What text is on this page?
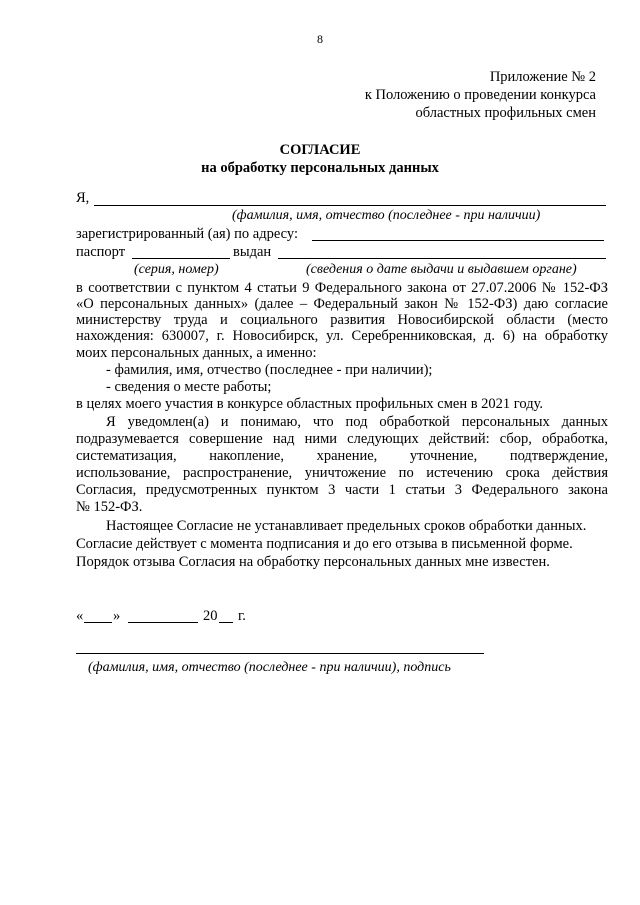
8
Приложение № 2
к Положению о проведении конкурса
областных профильных смен
СОГЛАСИЕ
на обработку персональных данных
Я,
(фамилия, имя, отчество (последнее - при наличии)
зарегистрированный (ая) по адресу:
паспорт	выдан
(серия, номер)	(сведения о дате выдачи и выдавшем органе)
в соответствии с пунктом 4 статьи 9 Федерального закона от 27.07.2006 № 152-ФЗ
«О персональных данных» (далее – Федеральный закон № 152-ФЗ) даю согласие
министерству труда и социального развития Новосибирской области (место
нахождения: 630007, г. Новосибирск, ул. Серебренниковская, д. 6) на обработку
моих персональных данных, а именно:
- фамилия, имя, отчество (последнее - при наличии);
- сведения о месте работы;
в целях моего участия в конкурсе областных профильных смен в 2021 году.
Я уведомлен(а) и понимаю, что под обработкой персональных данных
подразумевается совершение над ними следующих действий: сбор, обработка,
систематизация, накопление, хранение, уточнение, подтверждение,
использование, распространение, уничтожение по истечению срока действия
Согласия, предусмотренных пунктом 3 части 1 статьи 3 Федерального закона
№ 152-ФЗ.
Настоящее Согласие не устанавливает предельных сроков обработки данных.
Согласие действует с момента подписания и до его отзыва в письменной форме.
Порядок отзыва Согласия на обработку персональных данных мне известен.
« »	20 г.
(фамилия, имя, отчество (последнее - при наличии), подпись
